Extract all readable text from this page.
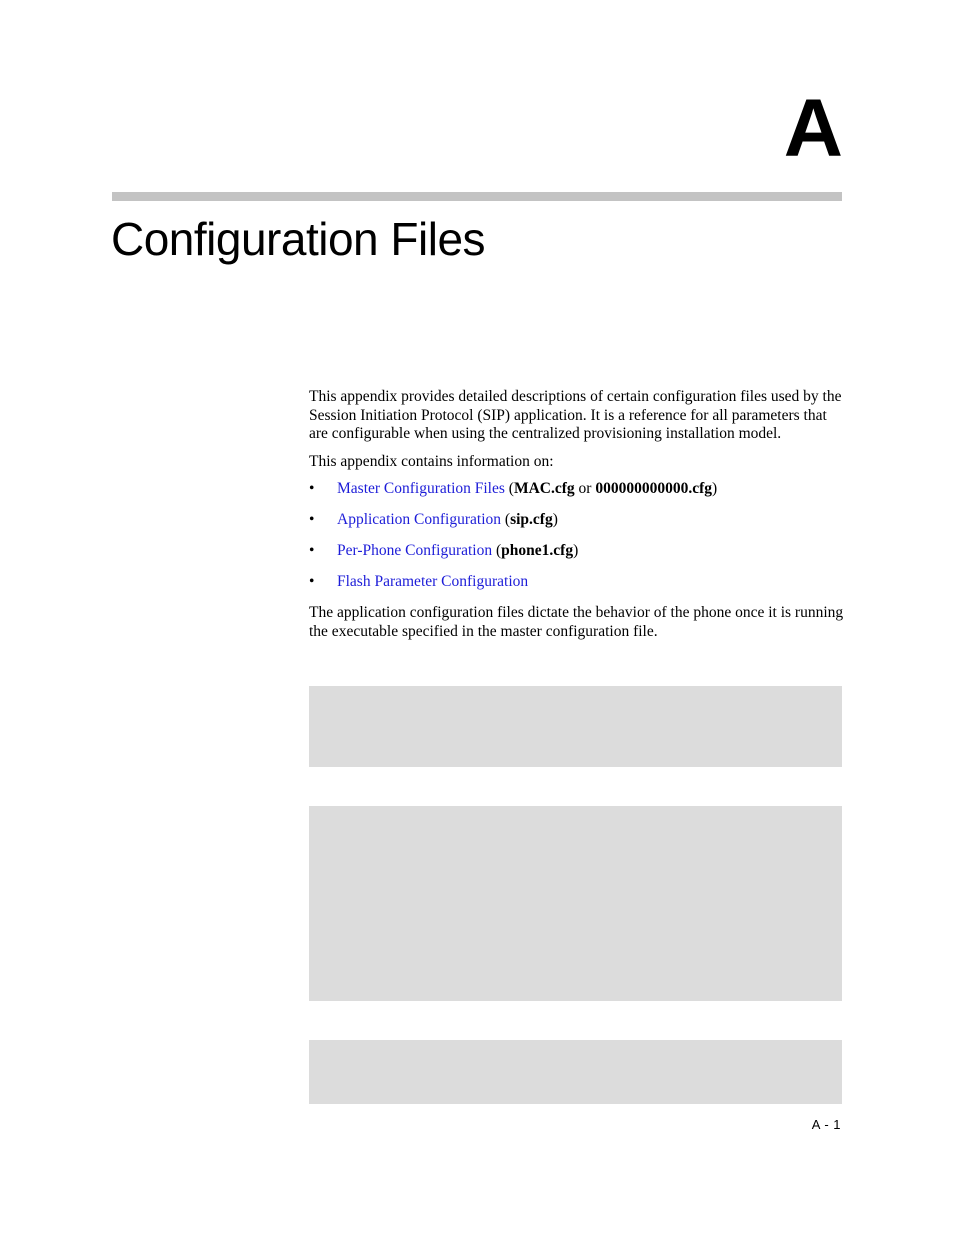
A
Configuration Files

This appendix provides detailed descriptions of certain configuration files used by the Session Initiation Protocol (SIP) application. It is a reference for all parameters that are configurable when using the centralized provisioning installation model.

This appendix contains information on:

• Master Configuration Files (MAC.cfg or 000000000000.cfg)
• Application Configuration (sip.cfg)
• Per-Phone Configuration (phone1.cfg)
• Flash Parameter Configuration

The application configuration files dictate the behavior of the phone once it is running the executable specified in the master configuration file.

A - 1
